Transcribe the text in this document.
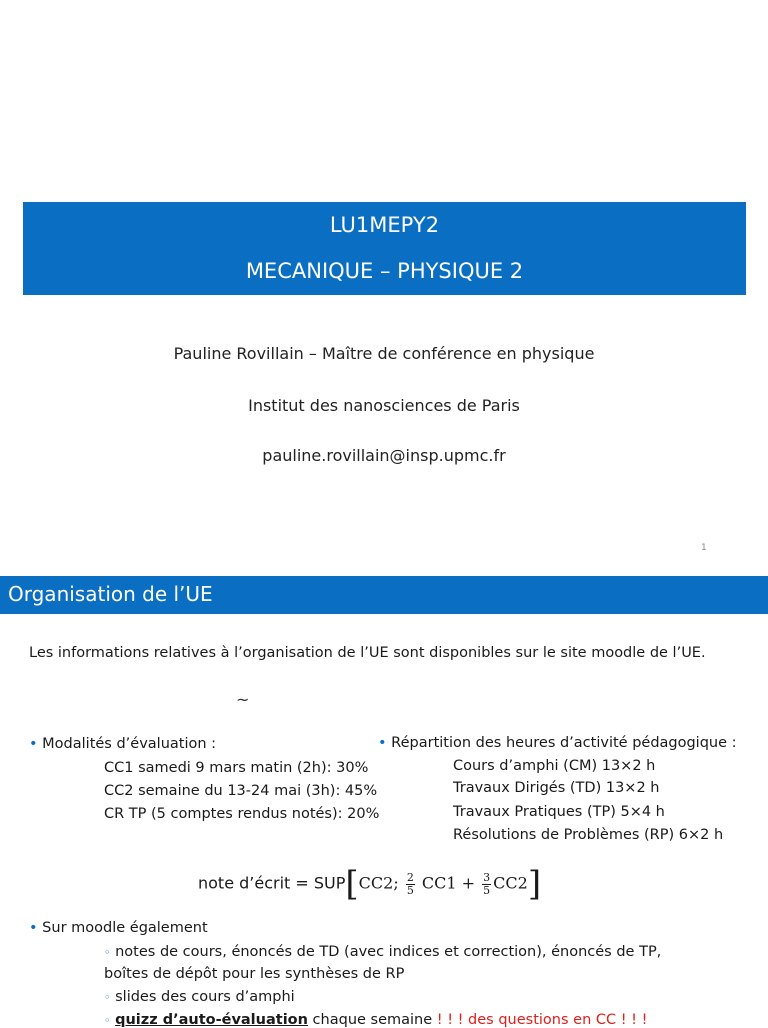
LU1MEPY2
MECANIQUE – PHYSIQUE 2
Pauline Rovillain – Maître de conférence en physique
Institut des nanosciences de Paris
pauline.rovillain@insp.upmc.fr
1
Organisation de l’UE
Les informations relatives à l’organisation de l’UE sont disponibles sur le site moodle de l’UE.
~
• Modalités d’évaluation :
CC1 samedi 9 mars matin (2h): 30%
CC2 semaine du 13-24 mai (3h): 45%
CR TP (5 comptes rendus notés): 20%
• Répartition des heures d’activité pédagogique :
Cours d’amphi (CM) 13×2 h
Travaux Dirigés (TD) 13×2 h
Travaux Pratiques (TP) 5×4 h
Résolutions de Problèmes (RP) 6×2 h
note d’écrit = SUP[CC2; $\frac{2}{5} CC1 + \frac{3}{5} CC2$]
• Sur moodle également
◦ notes de cours, énoncés de TD (avec indices et correction), énoncés de TP,
boîtes de dépôt pour les synthèses de RP
◦ slides des cours d’amphi
◦ quizz d’auto-évaluation chaque semaine ! ! ! des questions en CC ! ! !
